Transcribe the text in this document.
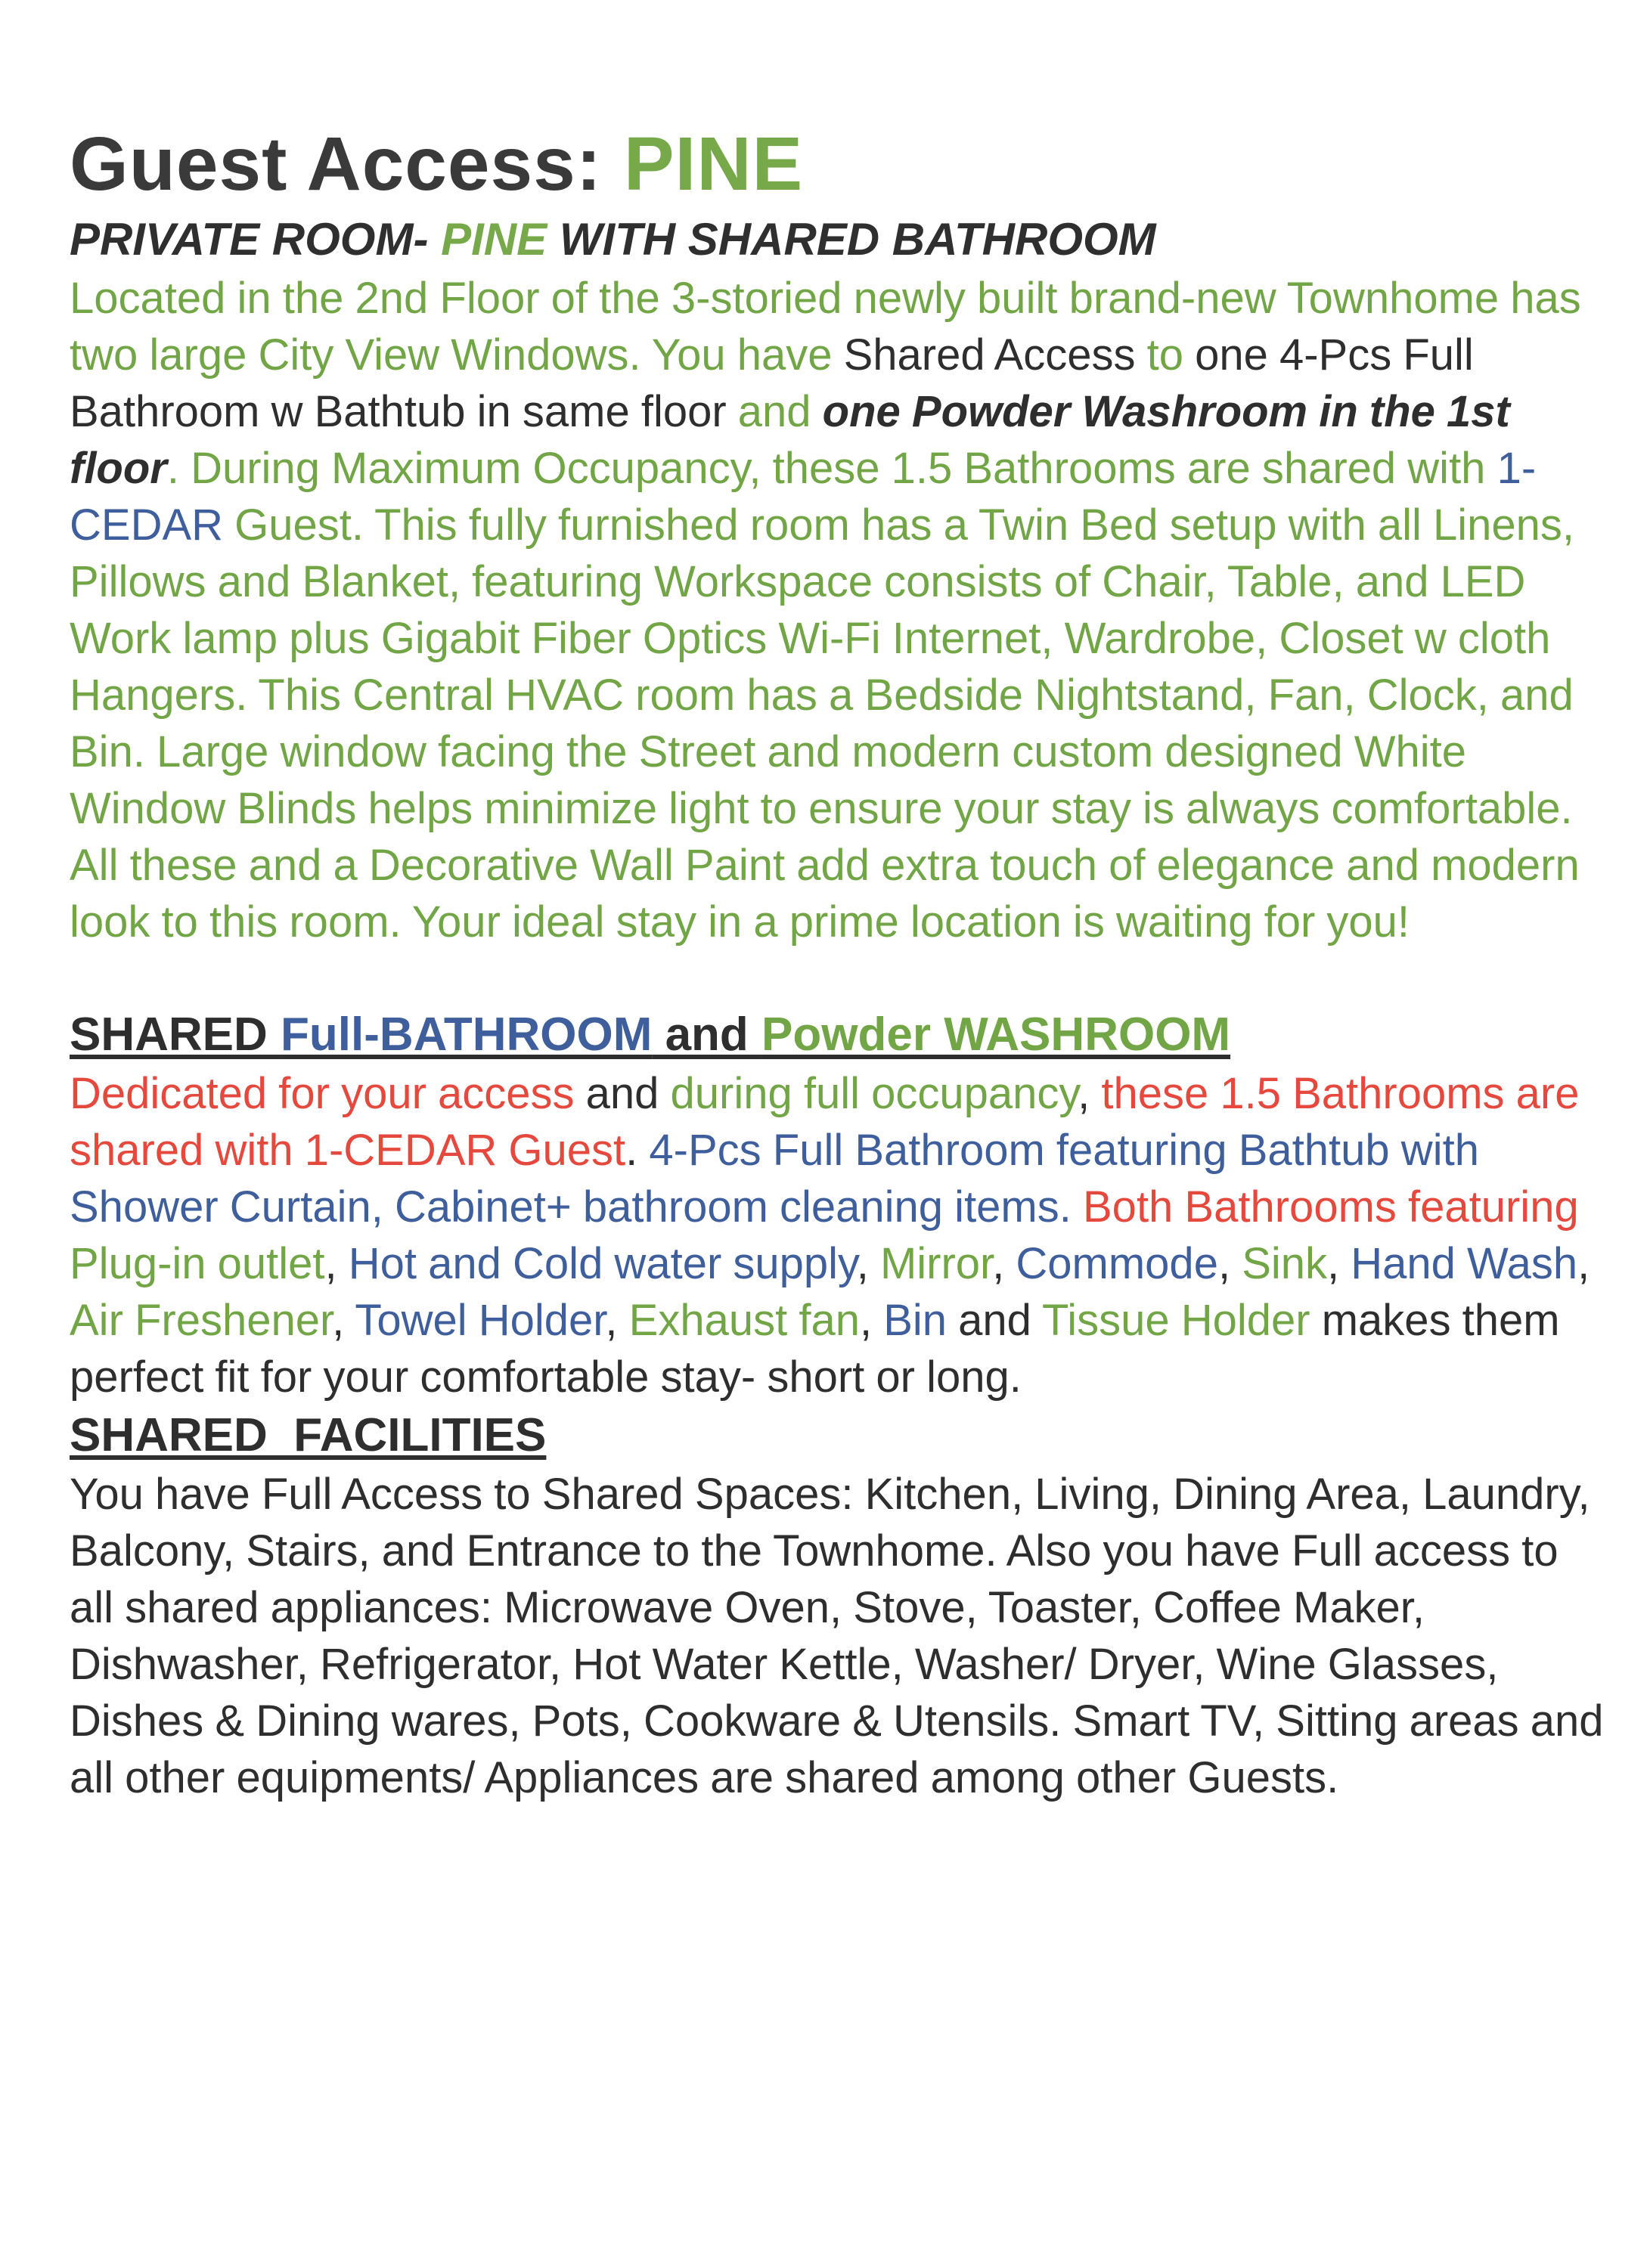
Guest Access: PINE

PRIVATE ROOM- PINE WITH SHARED BATHROOM

Located in the 2nd Floor of the 3-storied newly built brand-new Townhome has two large City View Windows. You have Shared Access to one 4-Pcs Full Bathroom w Bathtub in same floor and one Powder Washroom in the 1st floor. During Maximum Occupancy, these 1.5 Bathrooms are shared with 1-CEDAR Guest. This fully furnished room has a Twin Bed setup with all Linens, Pillows and Blanket, featuring Workspace consists of Chair, Table, and LED Work lamp plus Gigabit Fiber Optics Wi-Fi Internet, Wardrobe, Closet w cloth Hangers. This Central HVAC room has a Bedside Nightstand, Fan, Clock, and Bin. Large window facing the Street and modern custom designed White Window Blinds helps minimize light to ensure your stay is always comfortable. All these and a Decorative Wall Paint add extra touch of elegance and modern look to this room. Your ideal stay in a prime location is waiting for you!

SHARED Full-BATHROOM and Powder WASHROOM

Dedicated for your access and during full occupancy, these 1.5 Bathrooms are shared with 1-CEDAR Guest. 4-Pcs Full Bathroom featuring Bathtub with Shower Curtain, Cabinet+ bathroom cleaning items. Both Bathrooms featuring Plug-in outlet, Hot and Cold water supply, Mirror, Commode, Sink, Hand Wash, Air Freshener, Towel Holder, Exhaust fan, Bin and Tissue Holder makes them perfect fit for your comfortable stay- short or long.

SHARED  FACILITIES

You have Full Access to Shared Spaces: Kitchen, Living, Dining Area, Laundry, Balcony, Stairs, and Entrance to the Townhome. Also you have Full access to all shared appliances: Microwave Oven, Stove, Toaster, Coffee Maker, Dishwasher, Refrigerator, Hot Water Kettle, Washer/ Dryer, Wine Glasses, Dishes & Dining wares, Pots, Cookware & Utensils. Smart TV, Sitting areas and all other equipments/ Appliances are shared among other Guests.
